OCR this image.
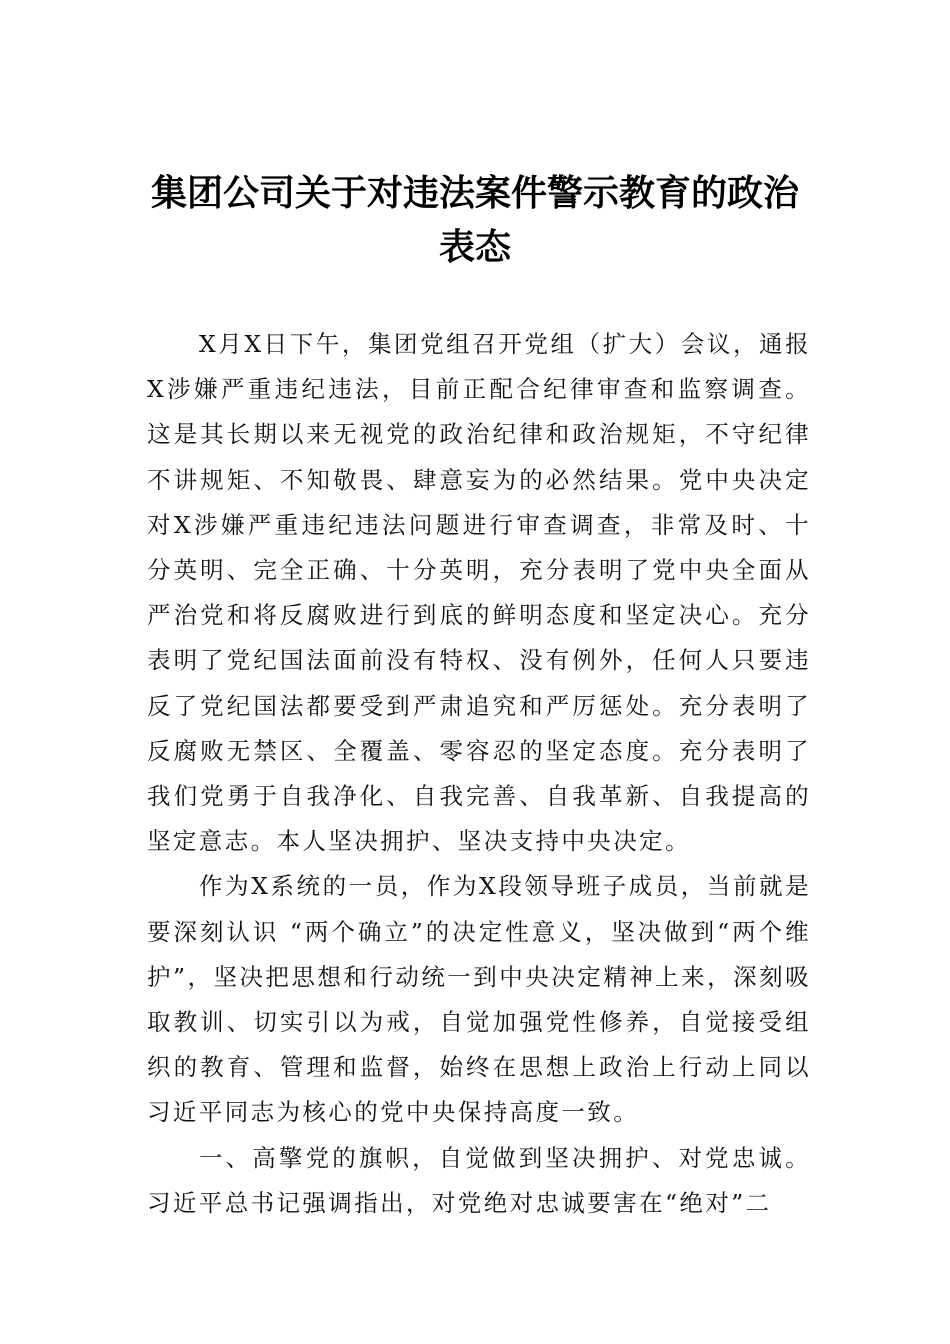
集团公司关于对违法案件警示教育的政治
表态

X月X日下午，集团党组召开党组（扩大）会议，通报X涉嫌严重违纪违法，目前正配合纪律审查和监察调查。这是其长期以来无视党的政治纪律和政治规矩，不守纪律不讲规矩、不知敬畏、肆意妄为的必然结果。党中央决定对X涉嫌严重违纪违法问题进行审查调查，非常及时、十分英明、完全正确、十分英明，充分表明了党中央全面从严治党和将反腐败进行到底的鲜明态度和坚定决心。充分表明了党纪国法面前没有特权、没有例外，任何人只要违反了党纪国法都要受到严肃追究和严厉惩处。充分表明了反腐败无禁区、全覆盖、零容忍的坚定态度。充分表明了我们党勇于自我净化、自我完善、自我革新、自我提高的坚定意志。本人坚决拥护、坚决支持中央决定。

作为X系统的一员，作为X段领导班子成员，当前就是要深刻认识 “两个确立”的决定性意义，坚决做到“两个维护”，坚决把思想和行动统一到中央决定精神上来，深刻吸取教训、切实引以为戒，自觉加强党性修养，自觉接受组织的教育、管理和监督，始终在思想上政治上行动上同以习近平同志为核心的党中央保持高度一致。

一、高擎党的旗帜，自觉做到坚决拥护、对党忠诚。习近平总书记强调指出，对党绝对忠诚要害在“绝对”二
